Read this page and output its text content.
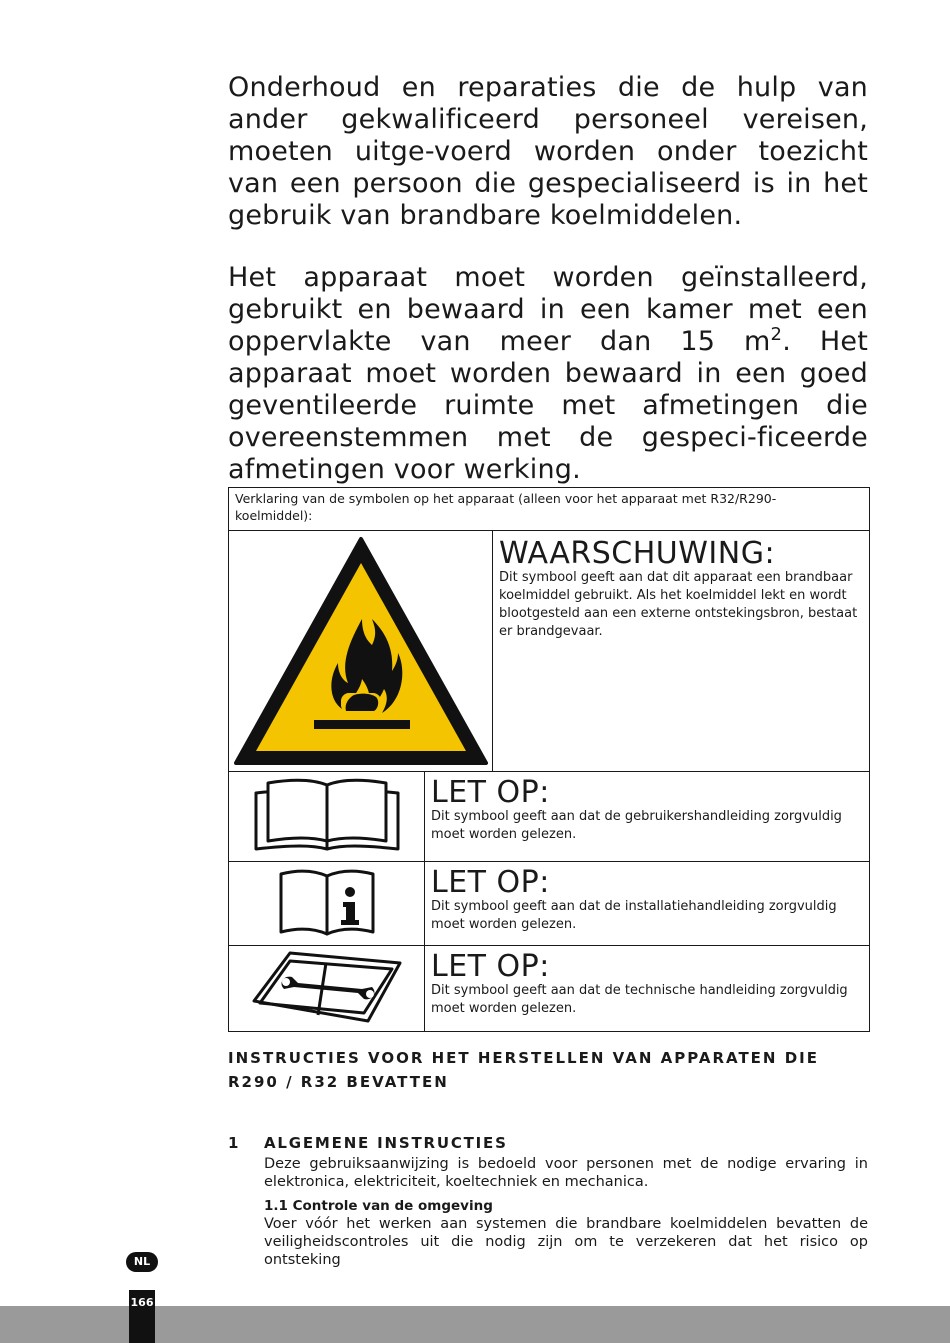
Onderhoud en reparaties die de hulp van ander gekwalificeerd personeel vereisen, moeten uitge-voerd worden onder toezicht van een persoon die gespecialiseerd is in het gebruik van brandbare koelmiddelen.

Het apparaat moet worden geïnstalleerd, gebruikt en bewaard in een kamer met een oppervlakte van meer dan 15 $m^2$. Het apparaat moet worden bewaard in een goed geventileerde ruimte met afmetingen die overeenstemmen met de gespeci-ficeerde afmetingen voor werking.

Verklaring van de symbolen op het apparaat (alleen voor het apparaat met R32/R290-
koelmiddel):		

WAARSCHUWING:
Dit symbool geeft aan dat dit apparaat een brandbaar koelmiddel gebruikt. Als het koelmiddel lekt en wordt blootgesteld aan een externe ontstekingsbron, bestaat er brandgevaar.

LET OP:
Dit symbool geeft aan dat de gebruikershandleiding zorgvuldig moet worden gelezen.	

LET OP:
Dit symbool geeft aan dat de installatiehandleiding zorgvuldig moet worden gelezen.	

LET OP:
Dit symbool geeft aan dat de technische handleiding zorgvuldig moet worden gelezen.	

INSTRUCTIES VOOR HET HERSTELLEN VAN APPARATEN DIE R290 / R32 BEVATTEN

1 ALGEMENE INSTRUCTIES

Deze gebruiksaanwijzing is bedoeld voor personen met de nodige ervaring in elektronica, elektriciteit, koeltechniek en mechanica.

1.1 Controle van de omgeving

Voer vóór het werken aan systemen die brandbare koelmiddelen bevatten de veiligheidscontroles uit die nodig zijn om te verzekeren dat het risico op ontsteking

NL
166
